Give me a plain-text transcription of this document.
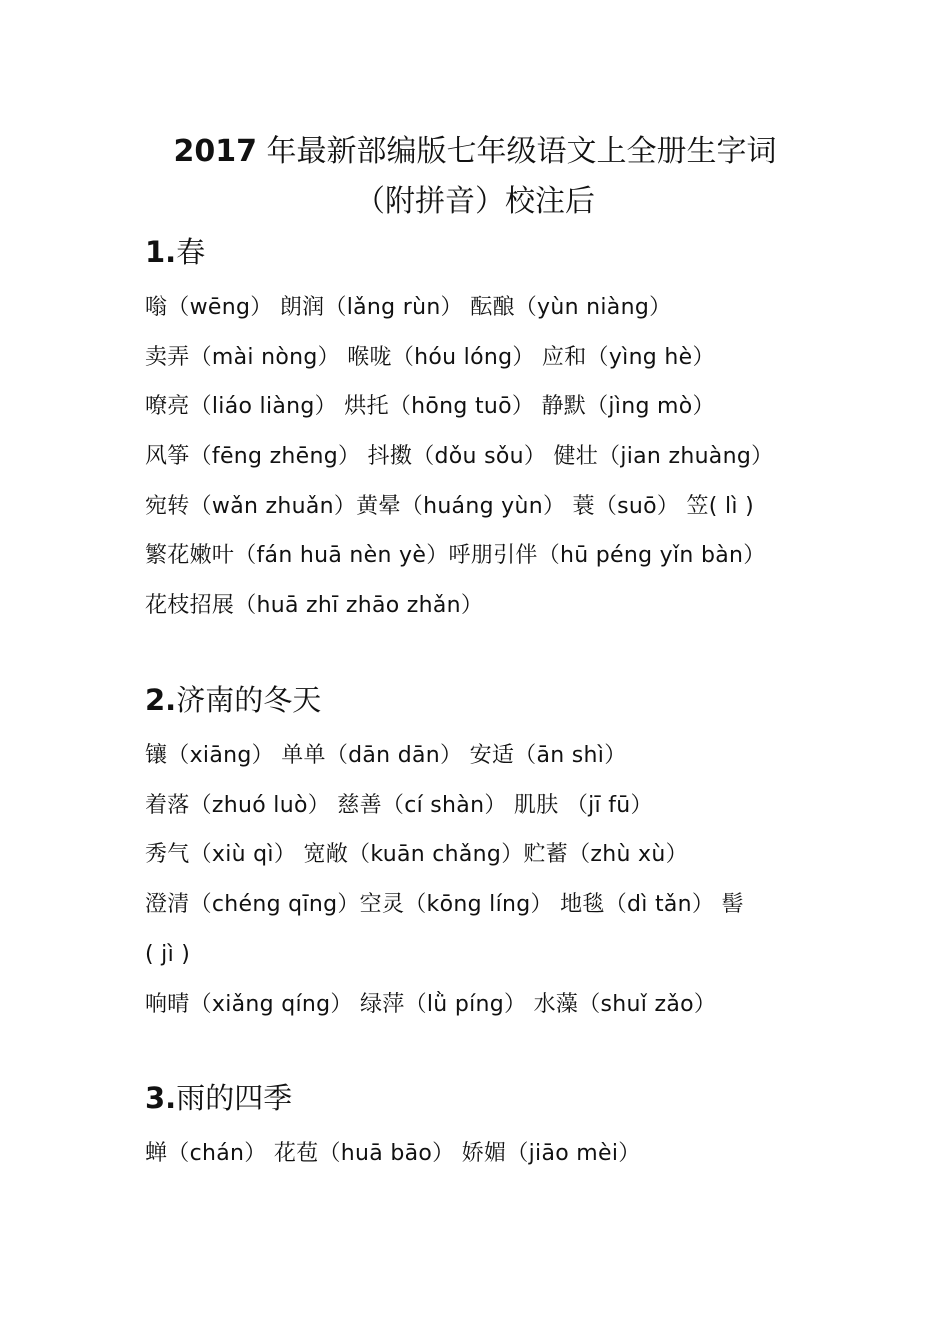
2017 年最新部编版七年级语文上全册生字词
（附拼音）校注后
1.春
嗡（wēng） 朗润（lǎng rùn） 酝酿（yùn niàng）
卖弄（mài nòng） 喉咙（hóu lóng） 应和（yìng hè）
嘹亮（liáo liàng） 烘托（hōng tuō） 静默（jìng mò）
风筝（fēng zhēng） 抖擞（dǒu sǒu） 健壮（jian zhuàng）
宛转（wǎn zhuǎn）黄晕（huáng yùn） 蓑（suō） 笠( lì )
繁花嫩叶（fán huā nèn yè）呼朋引伴（hū péng yǐn bàn）
花枝招展（huā zhī zhāo zhǎn）
2.济南的冬天
镶（xiāng） 单单（dān dān） 安适（ān shì）
着落（zhuó luò） 慈善（cí shàn） 肌肤 （jī fū）
秀气（xiù qì） 宽敞（kuān chǎng）贮蓄（zhù xù）
澄清（chéng qīng）空灵（kōng líng） 地毯（dì tǎn） 髻
( jì )
响晴（xiǎng qíng） 绿萍（lǜ píng） 水藻（shuǐ zǎo）
3.雨的四季
蝉（chán） 花苞（huā bāo） 娇媚（jiāo mèi）
